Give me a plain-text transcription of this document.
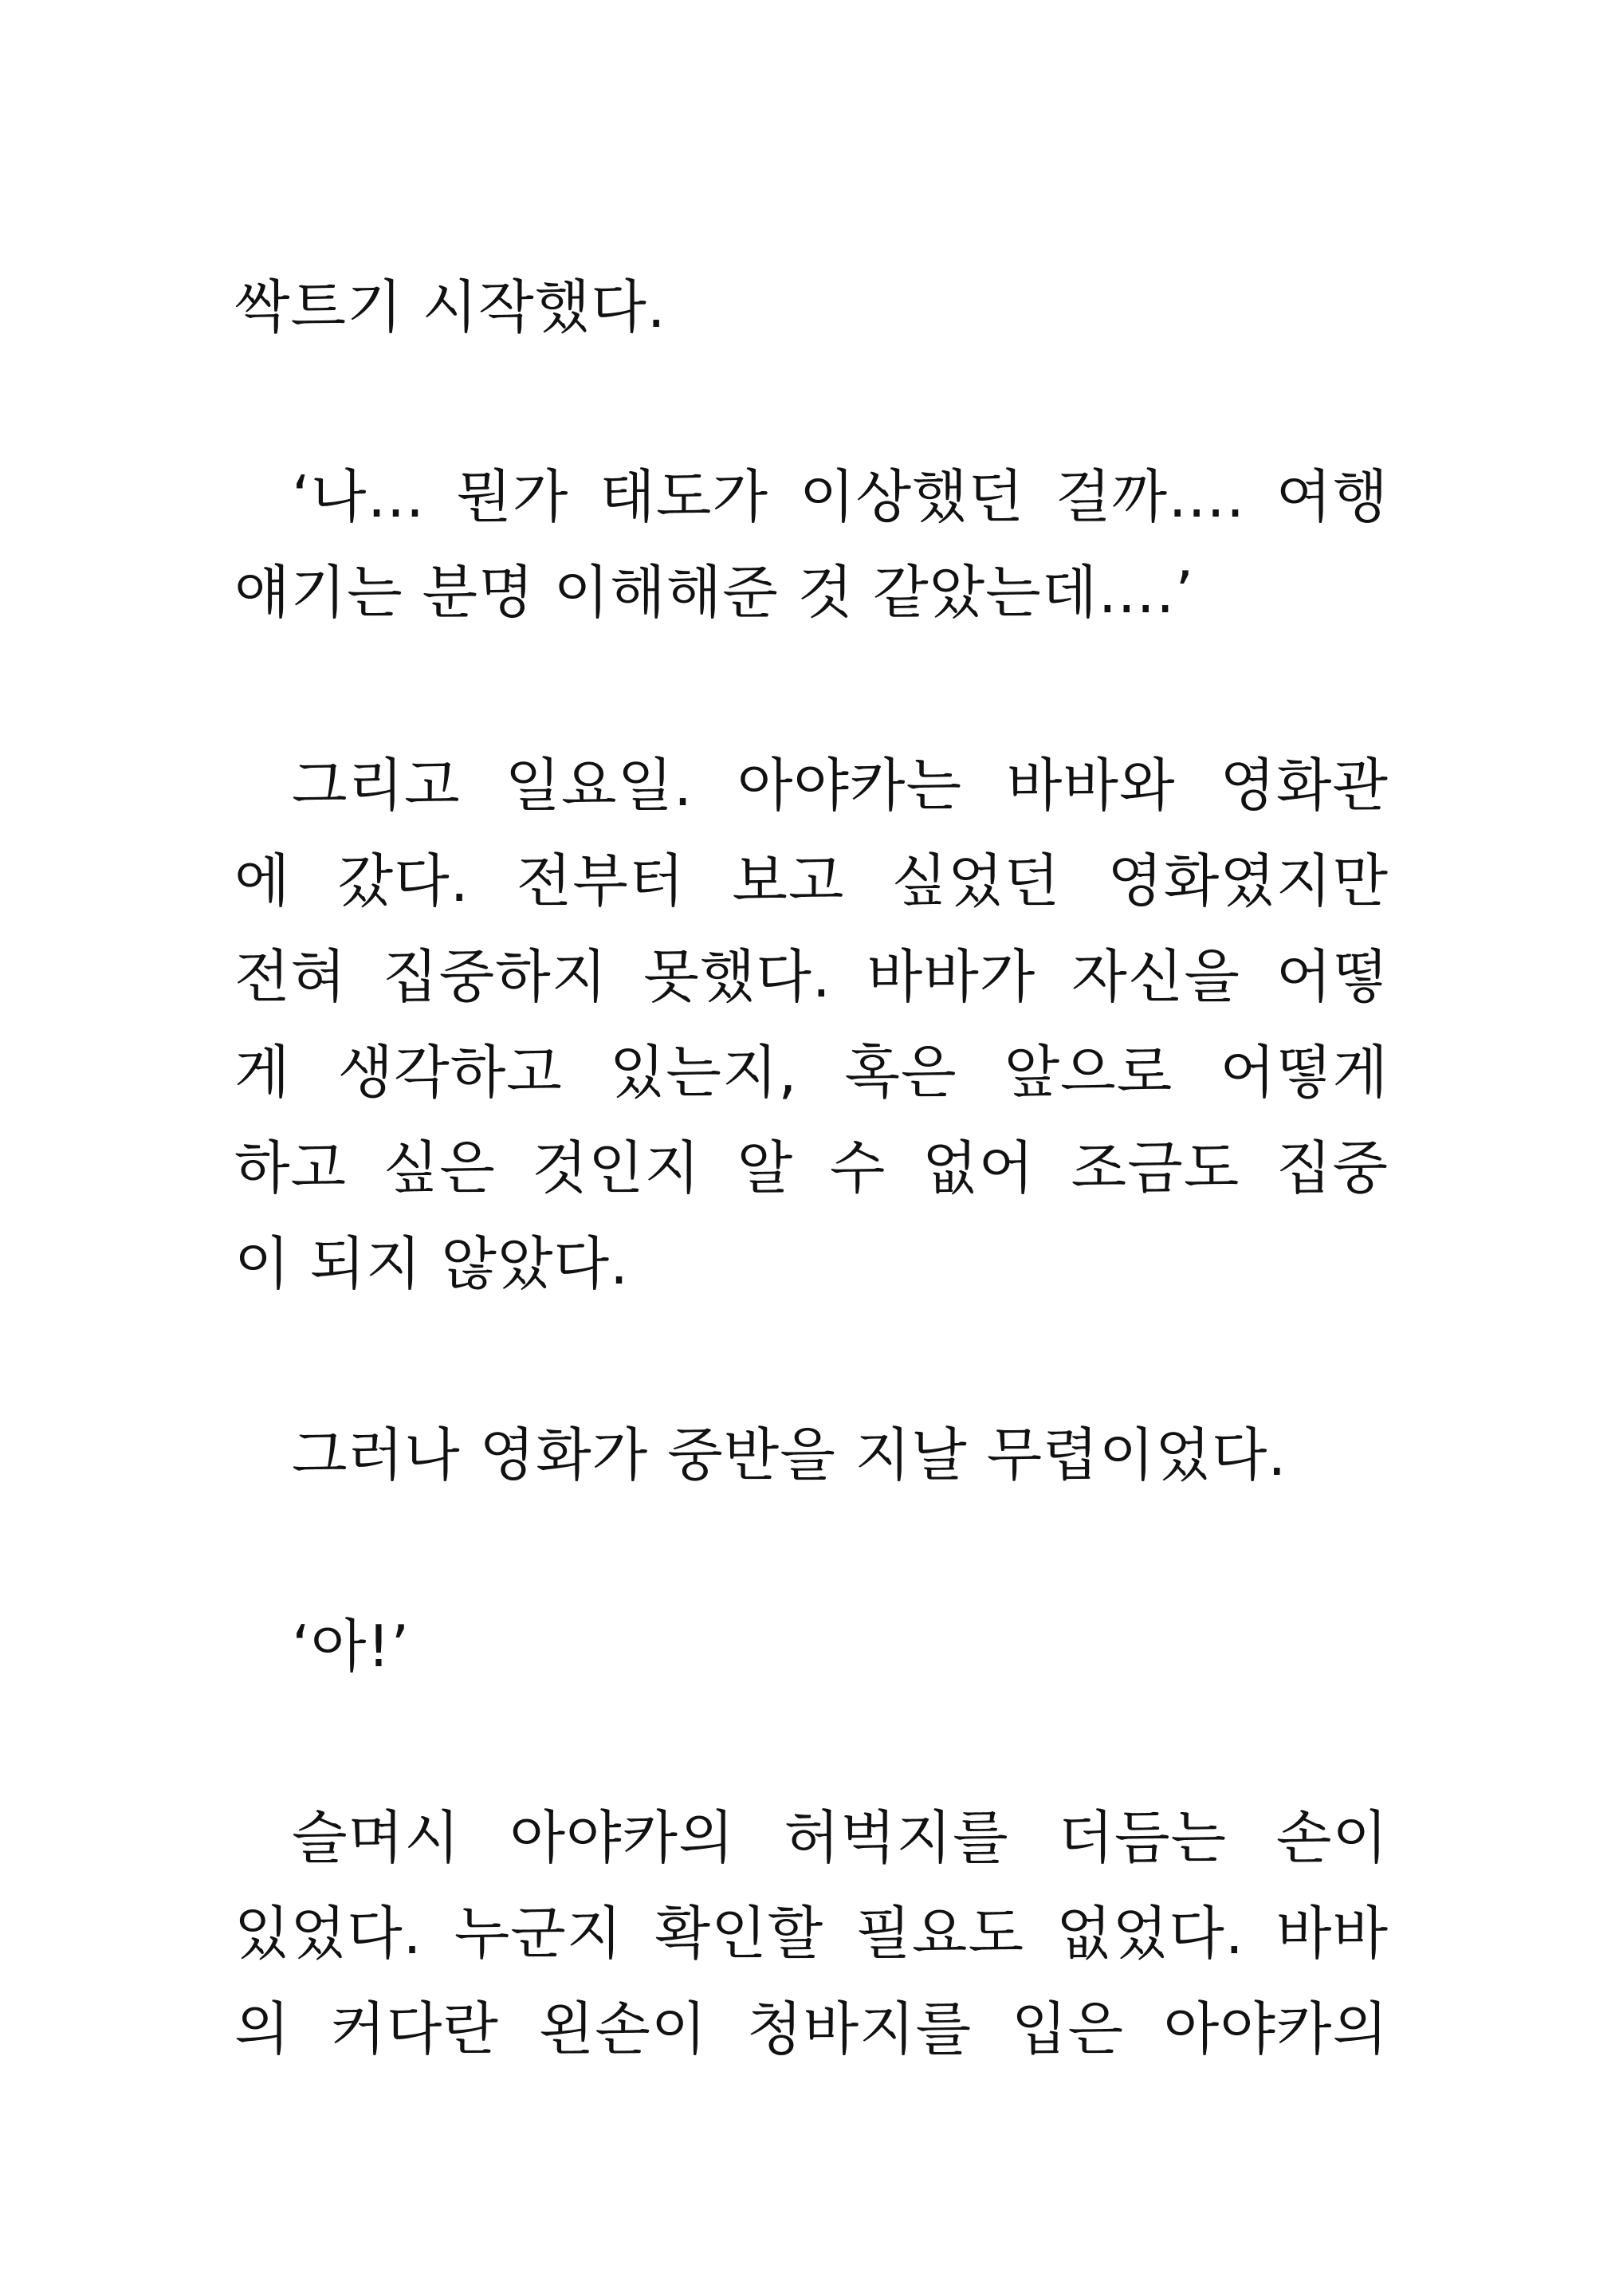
싹트기 시작했다.
‘나… 뭔가 태도가 이상했던 걸까…. 여행
얘기는 분명 이해해준 것 같았는데….’
그리고 일요일. 아야카는 바바와 영화관
에 갔다. 전부터 보고 싶었던 영화였지만
전혀 집중하지 못했다. 바바가 자신을 어떻
게 생각하고 있는지, 혹은 앞으로 어떻게
하고 싶은 것인지 알 수 없어 조금도 집중
이 되지 않았다.
그러나 영화가 중반을 지날 무렵이었다.
‘아!’
슬며시 아야카의 허벅지를 더듬는 손이
있었다. 누군지 확인할 필요도 없었다. 바바
의 커다란 왼손이 청바지를 입은 아야카의
